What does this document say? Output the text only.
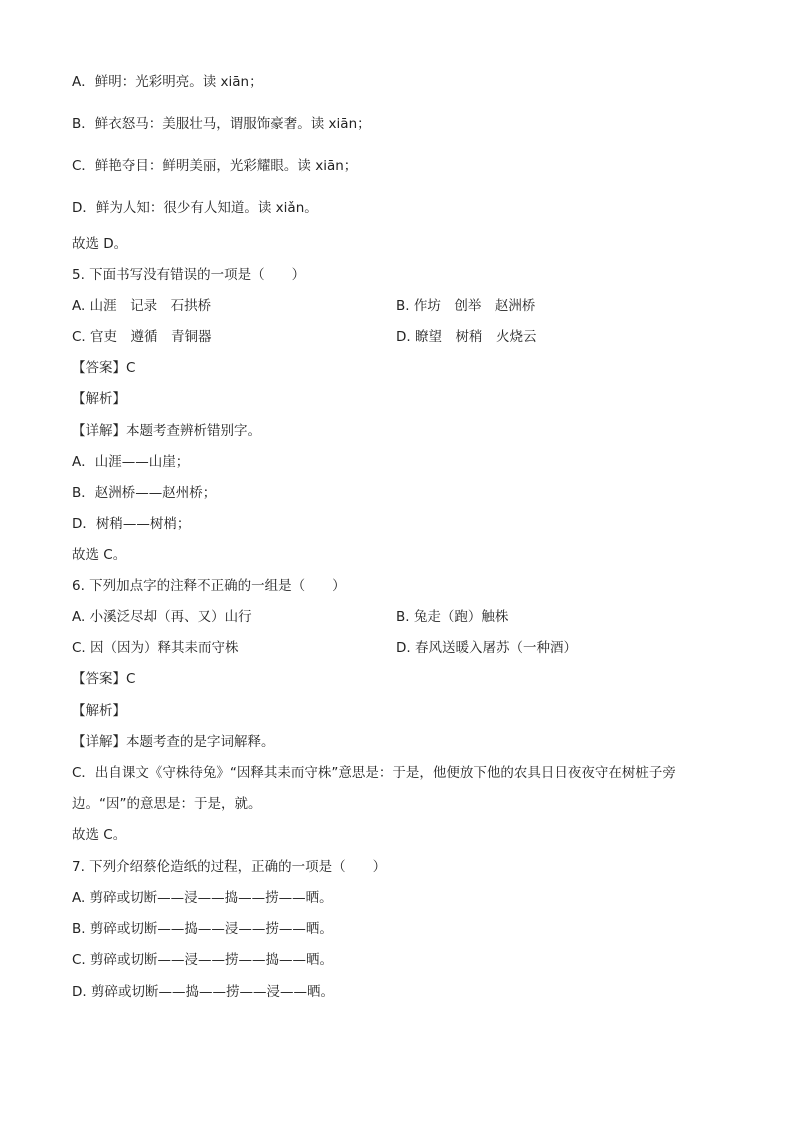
A．鲜明：光彩明亮。读 xiān；
B．鲜衣怒马：美服壮马，谓服饰豪奢。读 xiān；
C．鲜艳夺目：鲜明美丽，光彩耀眼。读 xiān；
D．鲜为人知：很少有人知道。读 xiǎn。
故选 D。
5. 下面书写没有错误的一项是（　　）
A. 山涯　记录　石拱桥	B. 作坊　创举　赵洲桥
C. 官吏　遵循　青铜器	D. 瞭望　树稍　火烧云
【答案】C
【解析】
【详解】本题考查辨析错别字。
A．山涯——山崖；
B．赵洲桥——赵州桥；
D．树稍——树梢；
故选 C。
6. 下列加点字的注释不正确的一组是（　　）
A. 小溪泛尽却（再、又）山行	B. 兔走（跑）触株
C. 因（因为）释其耒而守株	D. 春风送暖入屠苏（一种酒）
【答案】C
【解析】
【详解】本题考查的是字词解释。
C．出自课文《守株待兔》“因释其耒而守株”意思是：于是，他便放下他的农具日日夜夜守在树桩子旁边。“因”的意思是：于是，就。
故选 C。
7. 下列介绍蔡伦造纸的过程，正确的一项是（　　）
A. 剪碎或切断——浸——捣——捞——晒。
B. 剪碎或切断——捣——浸——捞——晒。
C. 剪碎或切断——浸——捞——捣——晒。
D. 剪碎或切断——捣——捞——浸——晒。
